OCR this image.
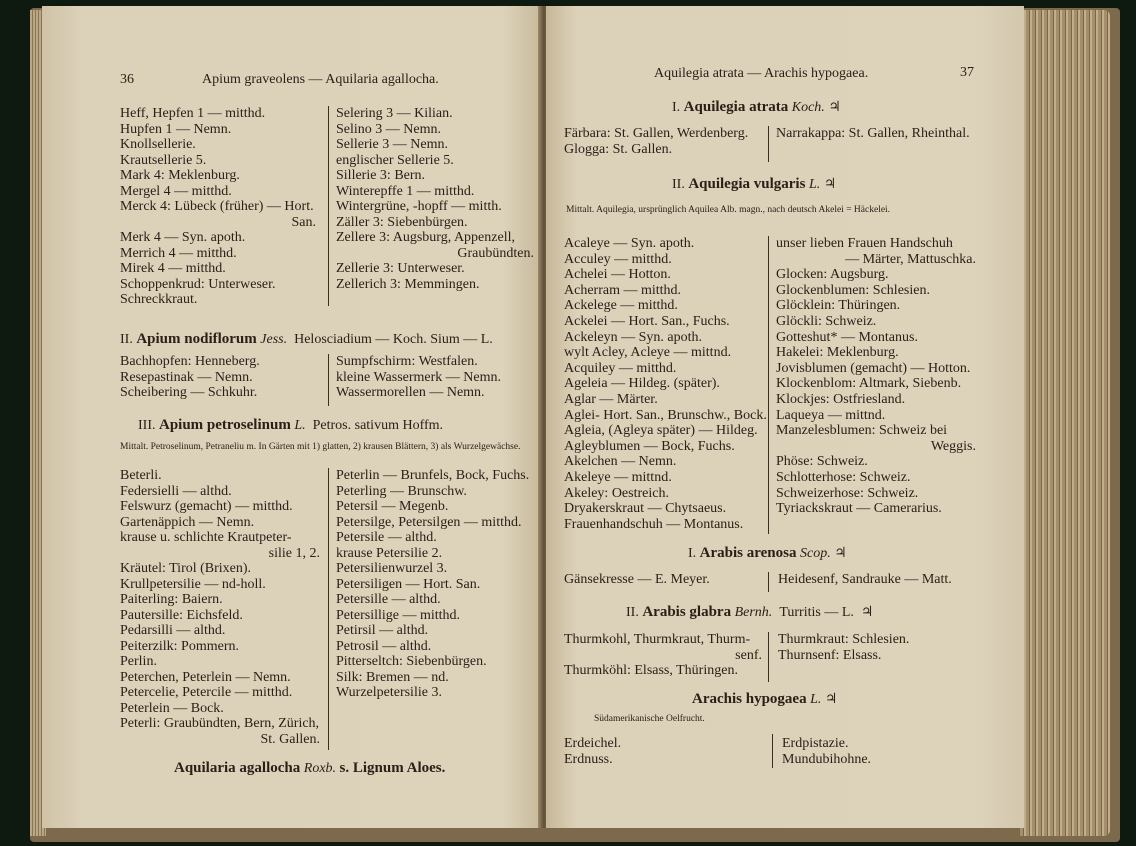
36	Apium graveolens — Aquilaria agallocha.
Heff, Hepfen 1 — mitthd.
Hupfen 1 — Nemn.
Knollsellerie.
Krautsellerie 5.
Mark 4: Meklenburg.
Mergel 4 — mitthd.
Merck 4: Lübeck (früher) — Hort.
San.
Merk 4 — Syn. apoth.
Merrich 4 — mitthd.
Mirek 4 — mitthd.
Schoppenkrud: Unterweser.
Schreckkraut.
Selering 3 — Kilian.
Selino 3 — Nemn.
Sellerie 3 — Nemn.
englischer Sellerie 5.
Sillerie 3: Bern.
Winterepffe 1 — mitthd.
Wintergrüne, -hopff — mitth.
Zäller 3: Siebenbürgen.
Zellere 3: Augsburg, Appenzell,
Graubündten.
Zellerie 3: Unterweser.
Zellerich 3: Memmingen.
II. Apium nodiflorum Jess. Helosciadium — Koch. Sium — L.
Bachhopfen: Henneberg.
Resepastinak — Nemn.
Scheibering — Schkuhr.
Sumpfschirm: Westfalen.
kleine Wassermerk — Nemn.
Wassermorellen — Nemn.
III. Apium petroselinum L. Petros. sativum Hoffm.
Mittalt. Petroselinum, Petraneliu m. In Gärten mit 1) glatten, 2) krausen Blättern, 3) als Wurzelgewächse.
Beterli.
Federsielli — althd.
Felswurz (gemacht) — mitthd.
Gartenäppich — Nemn.
krause u. schlichte Krautpeter-
silie 1, 2.
Kräutel: Tirol (Brixen).
Krullpetersilie — nd-holl.
Paiterling: Baiern.
Pautersille: Eichsfeld.
Pedarsilli — althd.
Peiterzilk: Pommern.
Perlin.
Peterchen, Peterlein — Nemn.
Petercelie, Petercile — mitthd.
Peterlein — Bock.
Peterli: Graubündten, Bern, Zürich,
St. Gallen.
Peterlin — Brunfels, Bock, Fuchs.
Peterling — Brunschw.
Petersil — Megenb.
Petersilge, Petersilgen — mitthd.
Petersile — althd.
krause Petersilie 2.
Petersilienwurzel 3.
Petersiligen — Hort. San.
Petersille — althd.
Petersillige — mitthd.
Petirsil — althd.
Petrosil — althd.
Pitterseltch: Siebenbürgen.
Silk: Bremen — nd.
Wurzelpetersilie 3.
Aquilaria agallocha Roxb. s. Lignum Aloes.
Aquilegia atrata — Arachis hypogaea.	37
I. Aquilegia atrata Koch. ♃
Färbara: St. Gallen, Werdenberg.
Glogga: St. Gallen.
Narrakappa: St. Gallen, Rheinthal.
II. Aquilegia vulgaris L. ♃
Mittalt. Aquilegia, ursprünglich Aquilea Alb. magn., nach deutsch Akelei = Häckelei.
Acaleye — Syn. apoth.
Acculey — mitthd.
Achelei — Hotton.
Acherram — mitthd.
Ackelege — mitthd.
Ackelei — Hort. San., Fuchs.
Ackeleyn — Syn. apoth.
wylt Acley, Acleye — mittnd.
Acquiley — mitthd.
Ageleia — Hildeg. (später).
Aglar — Märter.
Aglei- Hort. San., Brunschw., Bock.
Agleia, (Agleya später) — Hildeg.
Agleyblumen — Bock, Fuchs.
Akelchen — Nemn.
Akeleye — mittnd.
Akeley: Oestreich.
Dryakerskraut — Chytsaeus.
Frauenhandschuh — Montanus.
unser lieben Frauen Handschuh
— Märter, Mattuschka.
Glocken: Augsburg.
Glockenblumen: Schlesien.
Glöcklein: Thüringen.
Glöckli: Schweiz.
Gotteshut* — Montanus.
Hakelei: Meklenburg.
Jovisblumen (gemacht) — Hotton.
Klockenblom: Altmark, Siebenb.
Klockjes: Ostfriesland.
Laqueya — mittnd.
Manzelesblumen: Schweiz bei
Weggis.
Phöse: Schweiz.
Schlotterhose: Schweiz.
Schweizerhose: Schweiz.
Tyriackskraut — Camerarius.
I. Arabis arenosa Scop. ♃
Gänsekresse — E. Meyer.	Heidesenf, Sandrauke — Matt.
II. Arabis glabra Bernh. Turritis — L. ♃
Thurmkohl, Thurmkraut, Thurm-
senf.
Thurmköhl: Elsass, Thüringen.
Thurmkraut: Schlesien.
Thurnsenf: Elsass.
Arachis hypogaea L. ♃
Südamerikanische Oelfrucht.
Erdeichel.
Erdnuss.
Erdpistazie.
Mundubihohne.
